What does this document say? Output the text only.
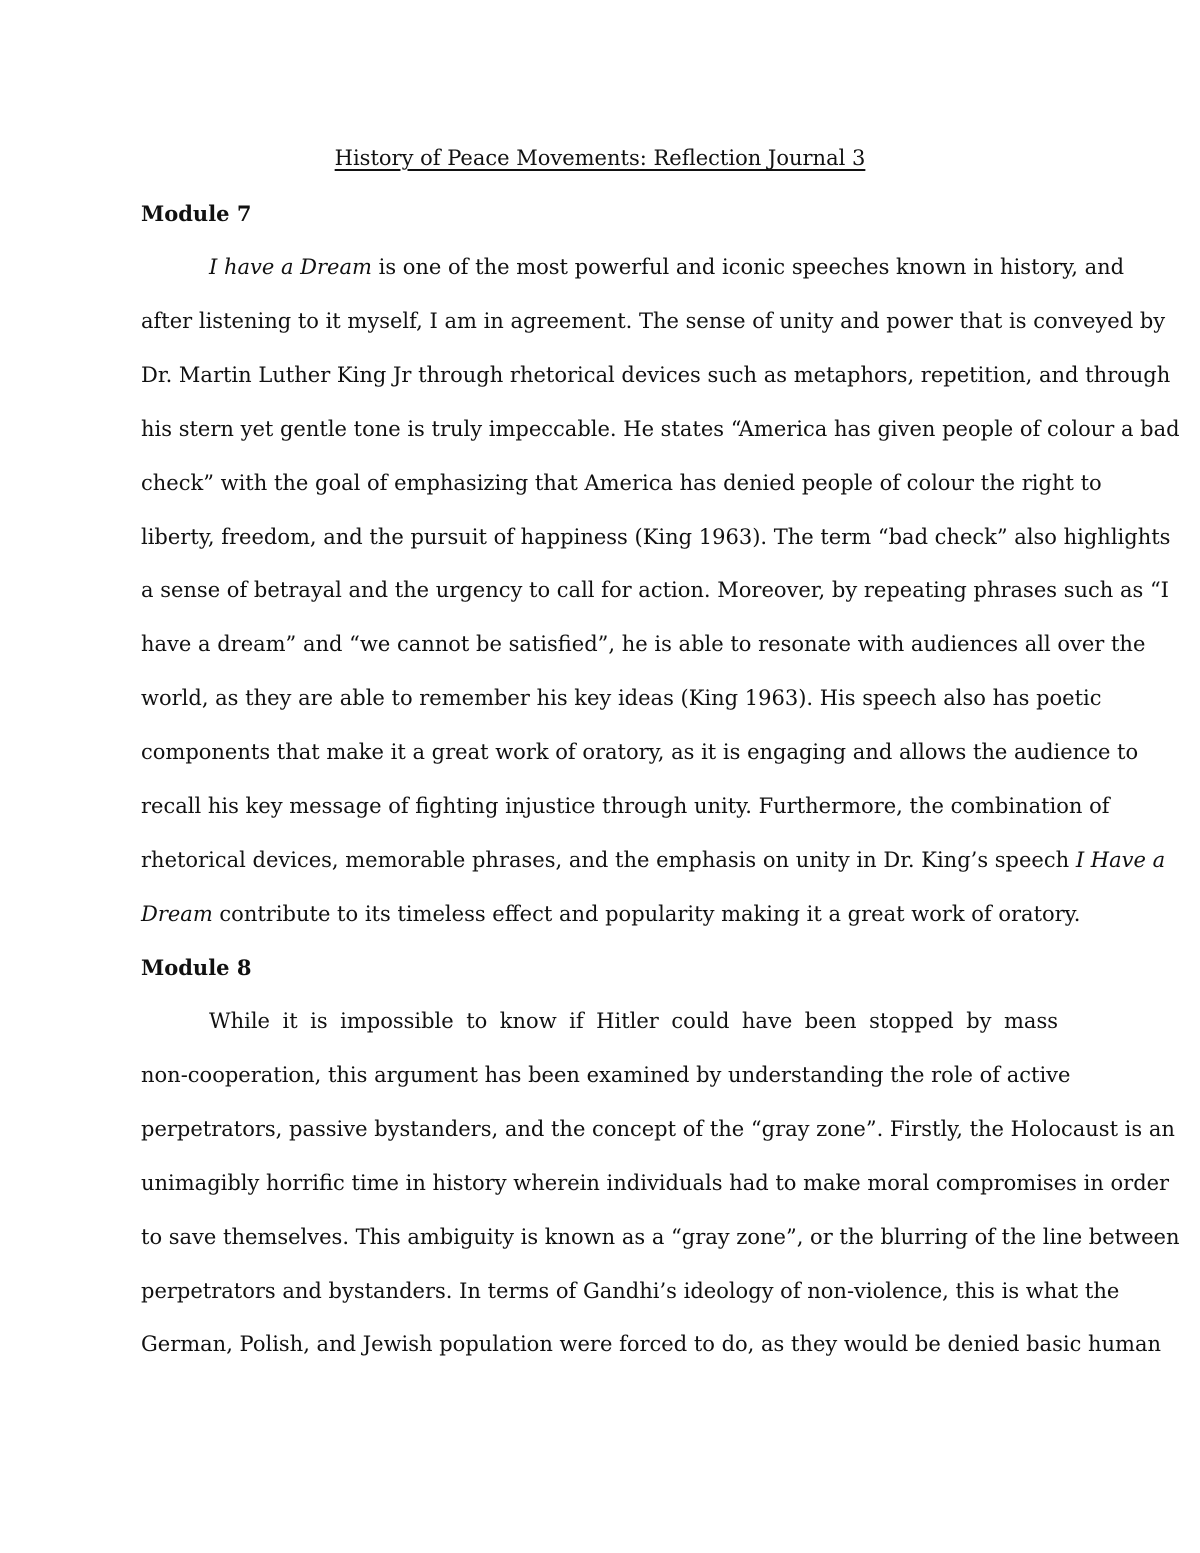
History of Peace Movements: Reflection Journal 3
Module 7
I have a Dream is one of the most powerful and iconic speeches known in history, and
after listening to it myself, I am in agreement. The sense of unity and power that is conveyed by
Dr. Martin Luther King Jr through rhetorical devices such as metaphors, repetition, and through
his stern yet gentle tone is truly impeccable. He states “America has given people of colour a bad
check” with the goal of emphasizing that America has denied people of colour the right to
liberty, freedom, and the pursuit of happiness (King 1963). The term “bad check” also highlights
a sense of betrayal and the urgency to call for action. Moreover, by repeating phrases such as “I
have a dream” and “we cannot be satisfied”, he is able to resonate with audiences all over the
world, as they are able to remember his key ideas (King 1963). His speech also has poetic
components that make it a great work of oratory, as it is engaging and allows the audience to
recall his key message of fighting injustice through unity. Furthermore, the combination of
rhetorical devices, memorable phrases, and the emphasis on unity in Dr. King’s speech I Have a
Dream contribute to its timeless effect and popularity making it a great work of oratory.
Module 8
While it is impossible to know if Hitler could have been stopped by mass
non-cooperation, this argument has been examined by understanding the role of active
perpetrators, passive bystanders, and the concept of the “gray zone”. Firstly, the Holocaust is an
unimagibly horrific time in history wherein individuals had to make moral compromises in order
to save themselves. This ambiguity is known as a “gray zone”, or the blurring of the line between
perpetrators and bystanders. In terms of Gandhi’s ideology of non-violence, this is what the
German, Polish, and Jewish population were forced to do, as they would be denied basic human
